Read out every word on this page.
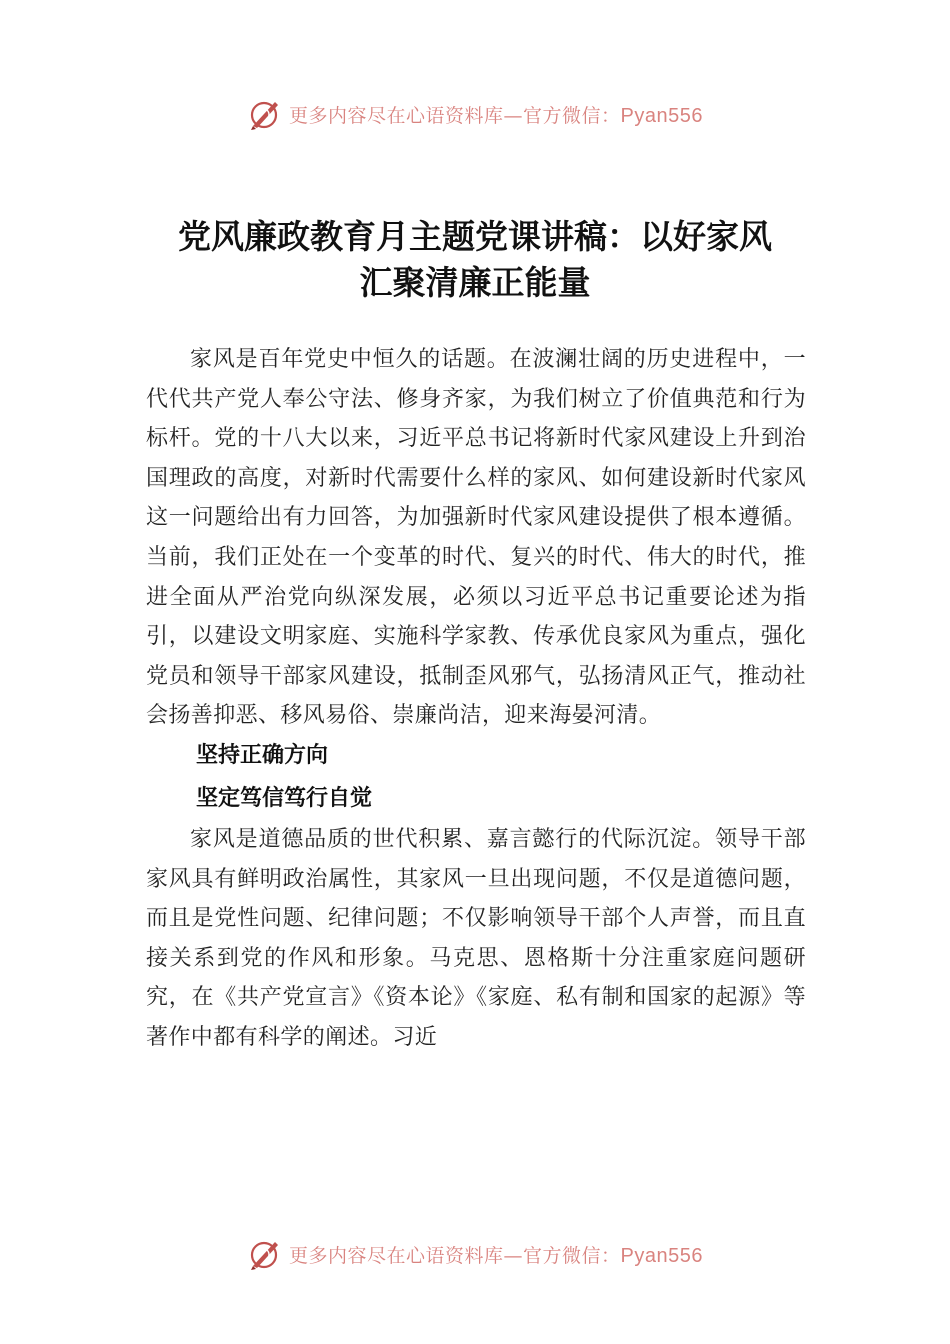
更多内容尽在心语资料库—官方微信：Pyan556
党风廉政教育月主题党课讲稿：以好家风
汇聚清廉正能量

家风是百年党史中恒久的话题。在波澜壮阔的历史进程中，一代代共产党人奉公守法、修身齐家，为我们树立了价值典范和行为标杆。党的十八大以来，习近平总书记将新时代家风建设上升到治国理政的高度，对新时代需要什么样的家风、如何建设新时代家风这一问题给出有力回答，为加强新时代家风建设提供了根本遵循。当前，我们正处在一个变革的时代、复兴的时代、伟大的时代，推进全面从严治党向纵深发展，必须以习近平总书记重要论述为指引，以建设文明家庭、实施科学家教、传承优良家风为重点，强化党员和领导干部家风建设，抵制歪风邪气，弘扬清风正气，推动社会扬善抑恶、移风易俗、崇廉尚洁，迎来海晏河清。

坚持正确方向

坚定笃信笃行自觉

家风是道德品质的世代积累、嘉言懿行的代际沉淀。领导干部家风具有鲜明政治属性，其家风一旦出现问题，不仅是道德问题，而且是党性问题、纪律问题；不仅影响领导干部个人声誉，而且直接关系到党的作风和形象。马克思、恩格斯十分注重家庭问题研究，在《共产党宣言》《资本论》《家庭、私有制和国家的起源》等著作中都有科学的阐述。习近

更多内容尽在心语资料库—官方微信：Pyan556
